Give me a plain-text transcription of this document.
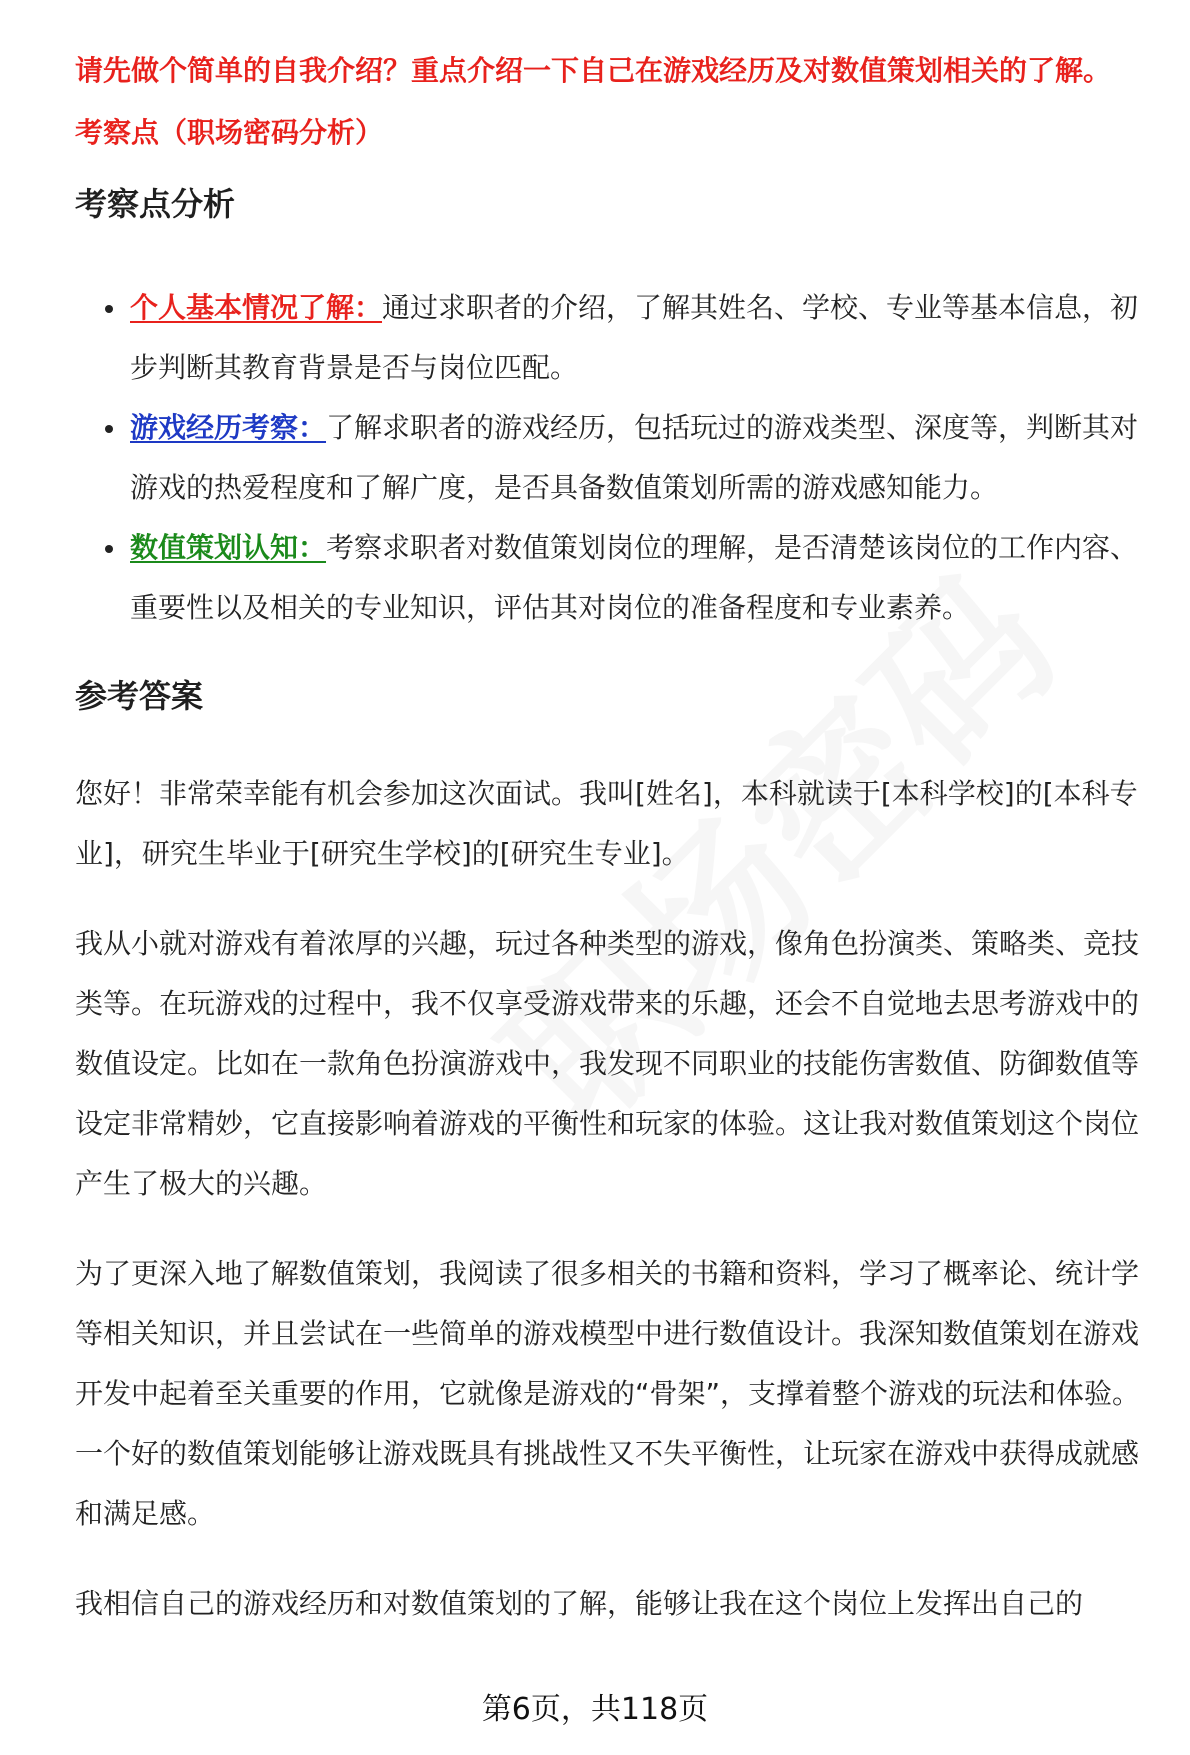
请先做个简单的自我介绍？重点介绍一下自己在游戏经历及对数值策划相关的了解。
考察点（职场密码分析）
考察点分析
个人基本情况了解：通过求职者的介绍，了解其姓名、学校、专业等基本信息，初步判断其教育背景是否与岗位匹配。
游戏经历考察：了解求职者的游戏经历，包括玩过的游戏类型、深度等，判断其对游戏的热爱程度和了解广度，是否具备数值策划所需的游戏感知能力。
数值策划认知：考察求职者对数值策划岗位的理解，是否清楚该岗位的工作内容、重要性以及相关的专业知识，评估其对岗位的准备程度和专业素养。
参考答案

您好！非常荣幸能有机会参加这次面试。我叫[姓名]，本科就读于[本科学校]的[本科专业]，研究生毕业于[研究生学校]的[研究生专业]。

我从小就对游戏有着浓厚的兴趣，玩过各种类型的游戏，像角色扮演类、策略类、竞技类等。在玩游戏的过程中，我不仅享受游戏带来的乐趣，还会不自觉地去思考游戏中的数值设定。比如在一款角色扮演游戏中，我发现不同职业的技能伤害数值、防御数值等设定非常精妙，它直接影响着游戏的平衡性和玩家的体验。这让我对数值策划这个岗位产生了极大的兴趣。

为了更深入地了解数值策划，我阅读了很多相关的书籍和资料，学习了概率论、统计学等相关知识，并且尝试在一些简单的游戏模型中进行数值设计。我深知数值策划在游戏开发中起着至关重要的作用，它就像是游戏的“骨架”，支撑着整个游戏的玩法和体验。一个好的数值策划能够让游戏既具有挑战性又不失平衡性，让玩家在游戏中获得成就感和满足感。

我相信自己的游戏经历和对数值策划的了解，能够让我在这个岗位上发挥出自己的

第6页，共118页
